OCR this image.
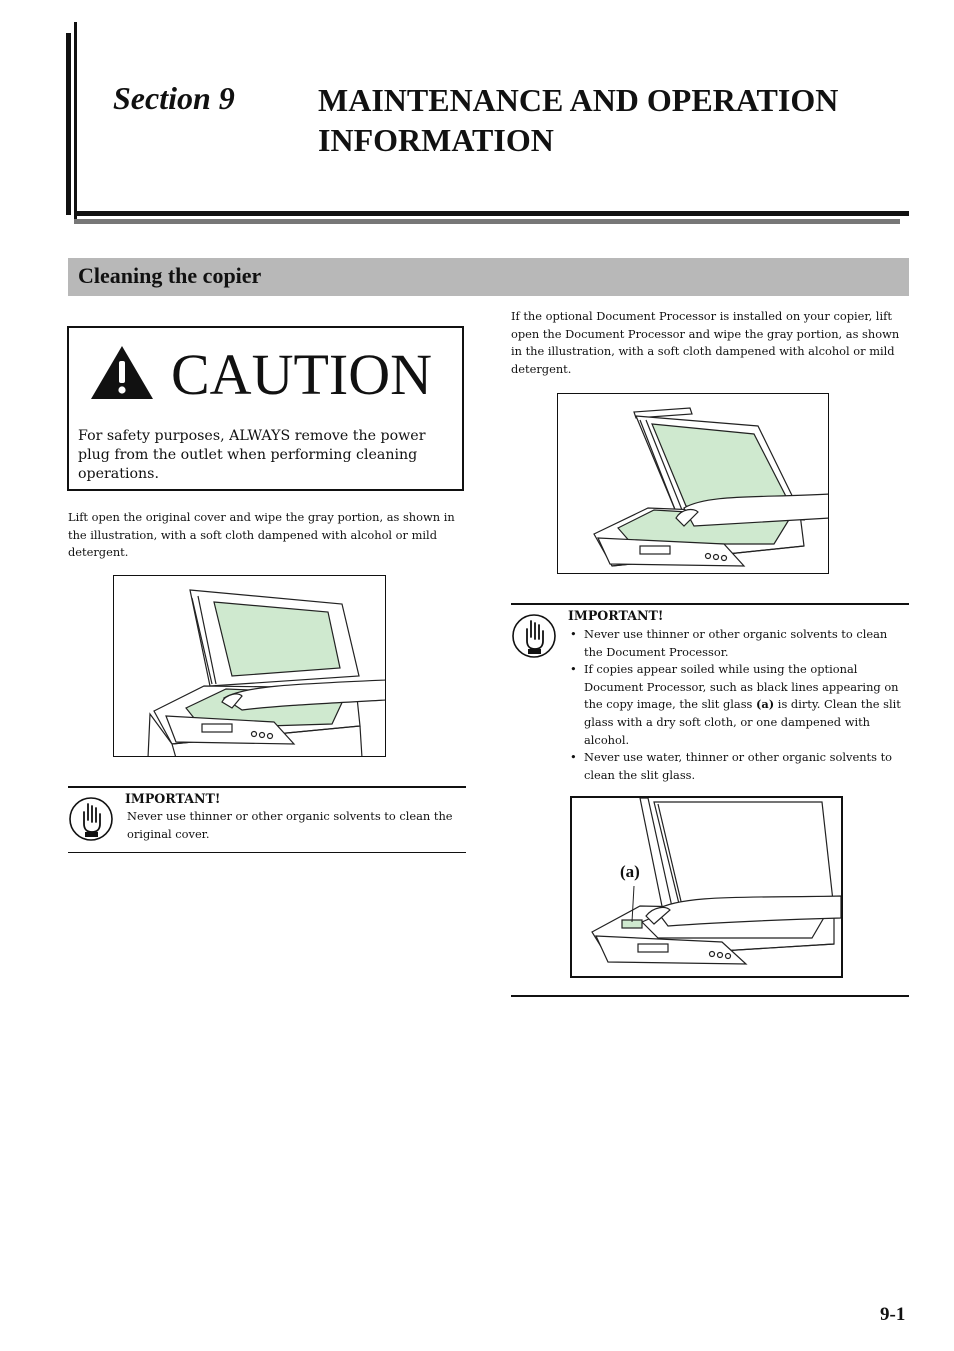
Section 9	MAINTENANCE AND OPERATION INFORMATION
Cleaning the copier
CAUTION
For safety purposes, ALWAYS remove the power plug from the outlet when performing cleaning operations.
Lift open the original cover and wipe the gray portion, as shown in the illustration, with a soft cloth dampened with alcohol or mild detergent.
IMPORTANT!
Never use thinner or other organic solvents to clean the original cover.
If the optional Document Processor is installed on your copier, lift open the Document Processor and wipe the gray portion, as shown in the illustration, with a soft cloth dampened with alcohol or mild detergent.
IMPORTANT!
• Never use thinner or other organic solvents to clean the Document Processor.
• If copies appear soiled while using the optional Document Processor, such as black lines appearing on the copy image, the slit glass (a) is dirty. Clean the slit glass with a dry soft cloth, or one dampened with alcohol.
• Never use water, thinner or other organic solvents to clean the slit glass.
(a)
9-1
